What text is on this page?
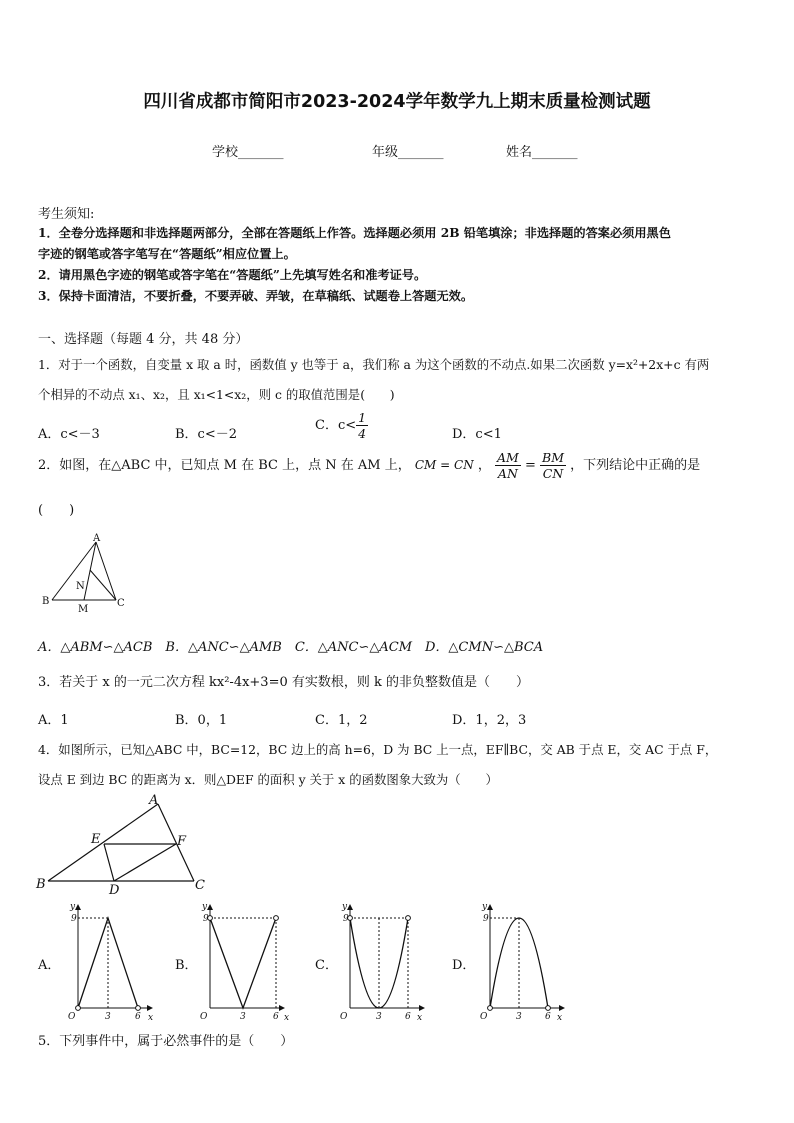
四川省成都市简阳市2023-2024学年数学九上期末质量检测试题
学校_______	年级_______	姓名_______
考生须知:
1．全卷分选择题和非选择题两部分，全部在答题纸上作答。选择题必须用 2B 铅笔填涂；非选择题的答案必须用黑色
字迹的钢笔或答字笔写在“答题纸”相应位置上。
2．请用黑色字迹的钢笔或答字笔在“答题纸”上先填写姓名和准考证号。
3．保持卡面清洁，不要折叠，不要弄破、弄皱，在草稿纸、试题卷上答题无效。
一、选择题（每题 4 分，共 48 分）
1．对于一个函数，自变量 x 取 a 时，函数值 y 也等于 a，我们称 a 为这个函数的不动点.如果二次函数 y=x²+2x+c 有两
个相异的不动点 x₁、x₂，且 x₁<1<x₂，则 c 的取值范围是(　　)
A．c<－3	B．c<－2
C．$c< \frac{1}{4}$	D．c<1
2．如图，在△ABC 中，已知点 M 在 BC 上，点 N 在 AM 上， CM = CN ， $\frac{AM}{AN} = \frac{BM}{CN}$ ，下列结论中正确的是
(　　)
A
B	C
M
N
A．△ABM∽△ACB　B．△ANC∽△AMB　C．△ANC∽△ACM　D．△CMN∽△BCA
3．若关于 x 的一元二次方程 kx²-4x+3=0 有实数根，则 k 的非负整数值是（　　）
A．1	B．0，1	C．1，2	D．1，2，3
4．如图所示，已知△ABC 中，BC=12，BC 边上的高 h=6，D 为 BC 上一点，EF∥BC，交 AB 于点 E，交 AC 于点 F，
设点 E 到边 BC 的距离为 x．则△DEF 的面积 y 关于 x 的函数图象大致为（　　）
A
B	C
D
E	F
A．	B．	C．	D．
y
9
O	3	6 x
y
9
O	3	6 x
y
9
O	3	6 x
y
9
O	3	6 x
5．下列事件中，属于必然事件的是（　　）
